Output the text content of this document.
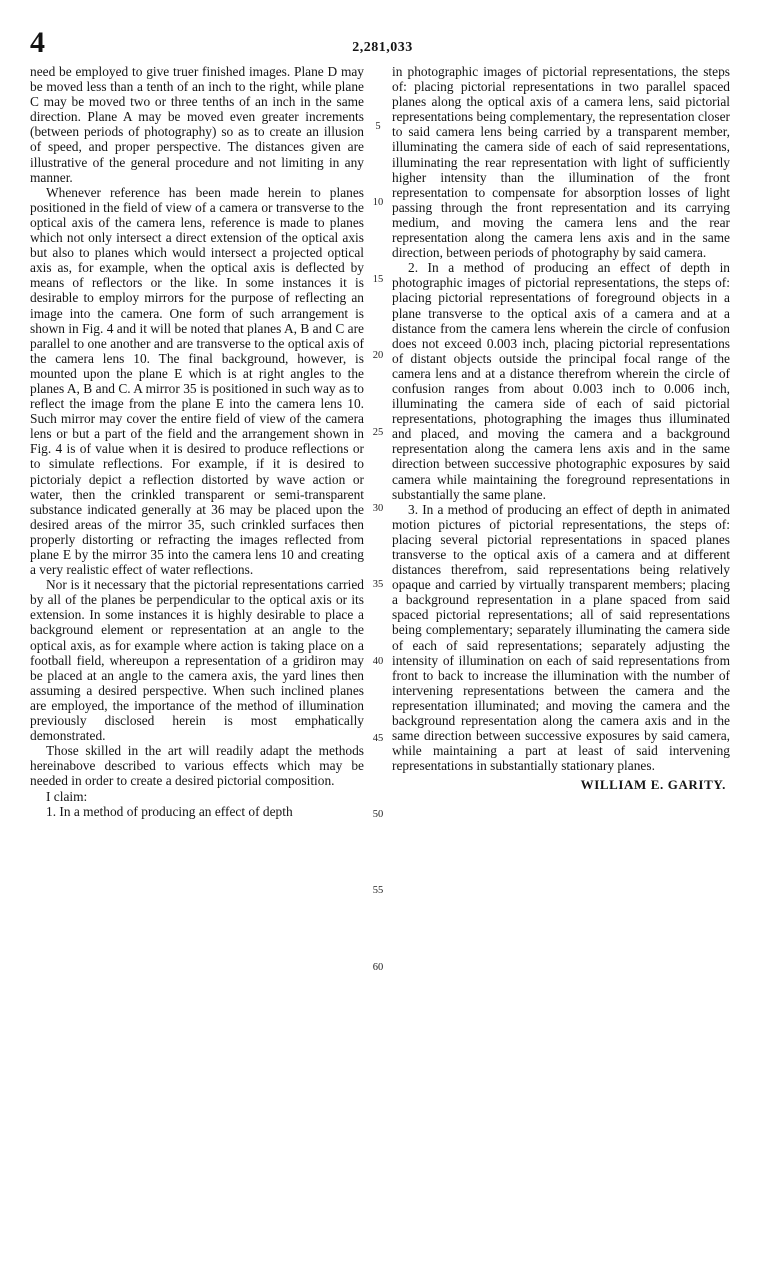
4	2,281,033

need be employed to give truer finished images. Plane D may be moved less than a tenth of an inch to the right, while plane C may be moved two or three tenths of an inch in the same direction. Plane A may be moved even greater increments (between periods of photography) so as to create an illusion of speed, and proper perspective. The distances given are illustrative of the general procedure and not limiting in any manner.

Whenever reference has been made herein to planes positioned in the field of view of a camera or transverse to the optical axis of the camera lens, reference is made to planes which not only intersect a direct extension of the optical axis but also to planes which would intersect a projected optical axis as, for example, when the optical axis is deflected by means of reflectors or the like. In some instances it is desirable to employ mirrors for the purpose of reflecting an image into the camera. One form of such arrangement is shown in Fig. 4 and it will be noted that planes A, B and C are parallel to one another and are transverse to the optical axis of the camera lens 10. The final background, however, is mounted upon the plane E which is at right angles to the planes A, B and C. A mirror 35 is positioned in such way as to reflect the image from the plane E into the camera lens 10. Such mirror may cover the entire field of view of the camera lens or but a part of the field and the arrangement shown in Fig. 4 is of value when it is desired to produce reflections or to simulate reflections. For example, if it is desired to pictorialy depict a reflection distorted by wave action or water, then the crinkled transparent or semi-transparent substance indicated generally at 36 may be placed upon the desired areas of the mirror 35, such crinkled surfaces then properly distorting or refracting the images reflected from plane E by the mirror 35 into the camera lens 10 and creating a very realistic effect of water reflections.

Nor is it necessary that the pictorial representations carried by all of the planes be perpendicular to the optical axis or its extension. In some instances it is highly desirable to place a background element or representation at an angle to the optical axis, as for example where action is taking place on a football field, whereupon a representation of a gridiron may be placed at an angle to the camera axis, the yard lines then assuming a desired perspective. When such inclined planes are employed, the importance of the method of illumination previously disclosed herein is most emphatically demonstrated.

Those skilled in the art will readily adapt the methods hereinabove described to various effects which may be needed in order to create a desired pictorial composition.

I claim:

1. In a method of producing an effect of depth

5
10
15
20
25
30
35
40
45
50
55
60

in photographic images of pictorial representations, the steps of: placing pictorial representations in two parallel spaced planes along the optical axis of a camera lens, said pictorial representations being complementary, the representation closer to said camera lens being carried by a transparent member, illuminating the camera side of each of said representations, illuminating the rear representation with light of sufficiently higher intensity than the illumination of the front representation to compensate for absorption losses of light passing through the front representation and its carrying medium, and moving the camera lens and the rear representation along the camera lens axis and in the same direction, between periods of photography by said camera.

2. In a method of producing an effect of depth in photographic images of pictorial representations, the steps of: placing pictorial representations of foreground objects in a plane transverse to the optical axis of a camera and at a distance from the camera lens wherein the circle of confusion does not exceed 0.003 inch, placing pictorial representations of distant objects outside the principal focal range of the camera lens and at a distance therefrom wherein the circle of confusion ranges from about 0.003 inch to 0.006 inch, illuminating the camera side of each of said pictorial representations, photographing the images thus illuminated and placed, and moving the camera and a background representation along the camera lens axis and in the same direction between successive photographic exposures by said camera while maintaining the foreground representations in substantially the same plane.

3. In a method of producing an effect of depth in animated motion pictures of pictorial representations, the steps of: placing several pictorial representations in spaced planes transverse to the optical axis of a camera and at different distances therefrom, said representations being relatively opaque and carried by virtually transparent members; placing a background representation in a plane spaced from said spaced pictorial representations; all of said representations being complementary; separately illuminating the camera side of each of said representations; separately adjusting the intensity of illumination on each of said representations from front to back to increase the illumination with the number of intervening representations between the camera and the representation illuminated; and moving the camera and the background representation along the camera axis and in the same direction between successive exposures by said camera, while maintaining a part at least of said intervening representations in substantially stationary planes.

WILLIAM E. GARITY.
